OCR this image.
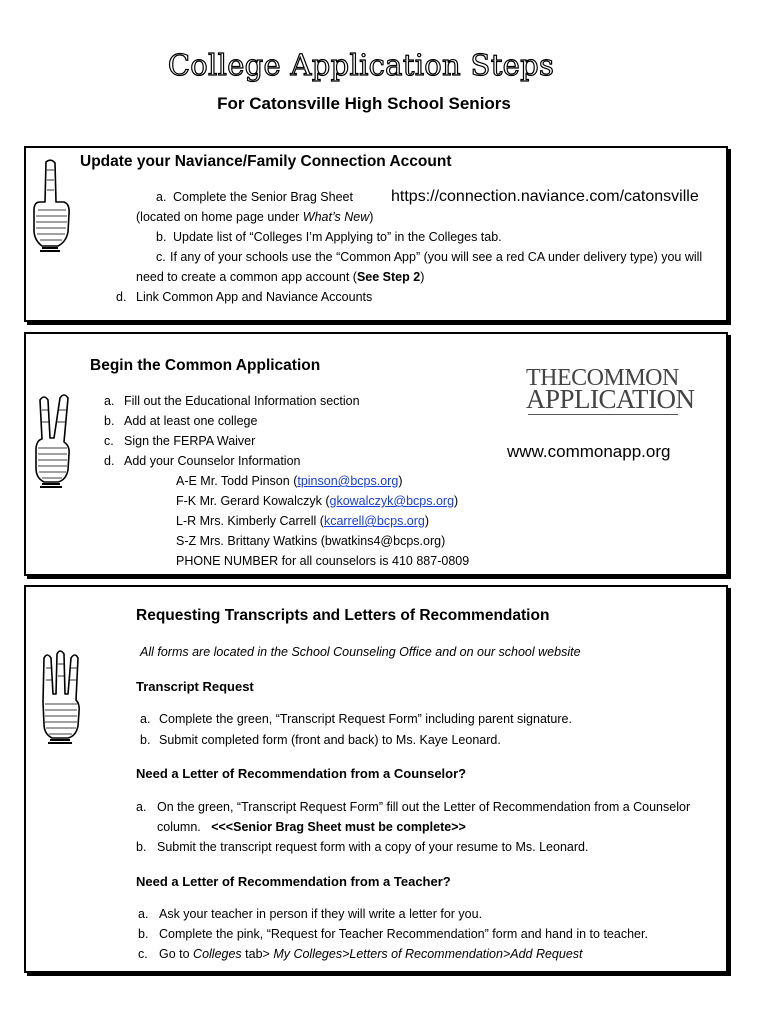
College Application Steps
For Catonsville High School Seniors
Update your Naviance/Family Connection Account
a. Complete the Senior Brag Sheet https://connection.naviance.com/catonsville
(located on home page under What’s New)
b. Update list of “Colleges I’m Applying to” in the Colleges tab.
c. If any of your schools use the “Common App” (you will see a red CA under delivery type) you will
need to create a common app account (See Step 2)
d. Link Common App and Naviance Accounts
Begin the Common Application	THECOMMON
APPLICATION
www.commonapp.org
a. Fill out the Educational Information section
b. Add at least one college
c. Sign the FERPA Waiver
d. Add your Counselor Information
A-E Mr. Todd Pinson (tpinson@bcps.org)
F-K Mr. Gerard Kowalczyk (gkowalczyk@bcps.org)
L-R Mrs. Kimberly Carrell (kcarrell@bcps.org)
S-Z Mrs. Brittany Watkins (bwatkins4@bcps.org)
PHONE NUMBER for all counselors is 410 887-0809
Requesting Transcripts and Letters of Recommendation
All forms are located in the School Counseling Office and on our school website
Transcript Request
a. Complete the green, “Transcript Request Form” including parent signature.
b. Submit completed form (front and back) to Ms. Kaye Leonard.
Need a Letter of Recommendation from a Counselor?
a. On the green, “Transcript Request Form” fill out the Letter of Recommendation from a Counselor
column. <<<Senior Brag Sheet must be complete>>
b. Submit the transcript request form with a copy of your resume to Ms. Leonard.
Need a Letter of Recommendation from a Teacher?
a. Ask your teacher in person if they will write a letter for you.
b. Complete the pink, “Request for Teacher Recommendation” form and hand in to teacher.
c. Go to Colleges tab> My Colleges>Letters of Recommendation>Add Request
